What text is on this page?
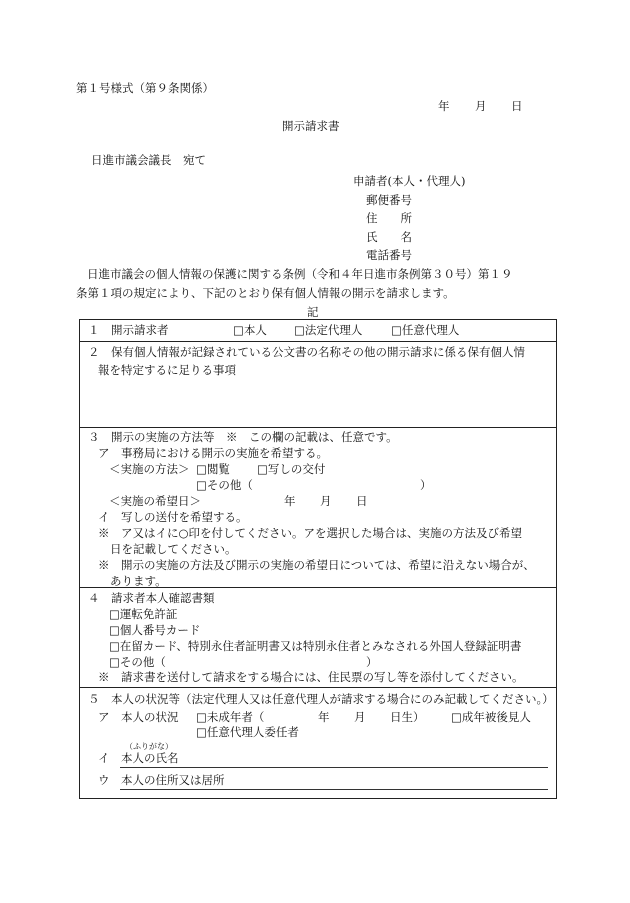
第１号様式（第９条関係）
年 月 日
開示請求書
日進市議会議長　宛て
申請者(本人・代理人)
郵便番号
住　　所
氏　　名
電話番号
日進市議会の個人情報の保護に関する条例（令和４年日進市条例第３０号）第１９
条第１項の規定により、下記のとおり保有個人情報の開示を請求します。
記
１　開示請求者	□本人 □法定代理人 □任意代理人
２　保有個人情報が記録されている公文書の名称その他の開示請求に係る保有個人情
報を特定するに足りる事項
３　開示の実施の方法等　※　この欄の記載は、任意です。
ア　事務局における開示の実施を希望する。
＜実施の方法＞ □閲覧 □写しの交付
□その他（	）
＜実施の希望日＞	年 月 日
イ　写しの送付を希望する。
※　ア又はイに○印を付してください。アを選択した場合は、実施の方法及び希望
日を記載してください。
※　開示の実施の方法及び開示の実施の希望日については、希望に沿えない場合が、
あります。
４　請求者本人確認書類
□運転免許証
□個人番号カード
□在留カード、特別永住者証明書又は特別永住者とみなされる外国人登録証明書
□その他（	）
※　請求書を送付して請求をする場合には、住民票の写し等を添付してください。
５　本人の状況等（法定代理人又は任意代理人が請求する場合にのみ記載してください。）
ア　本人の状況 □未成年者（	年 月 日生） □成年被後見人
□任意代理人委任者
（ふりがな）
イ 本人の氏名
ウ 本人の住所又は居所
